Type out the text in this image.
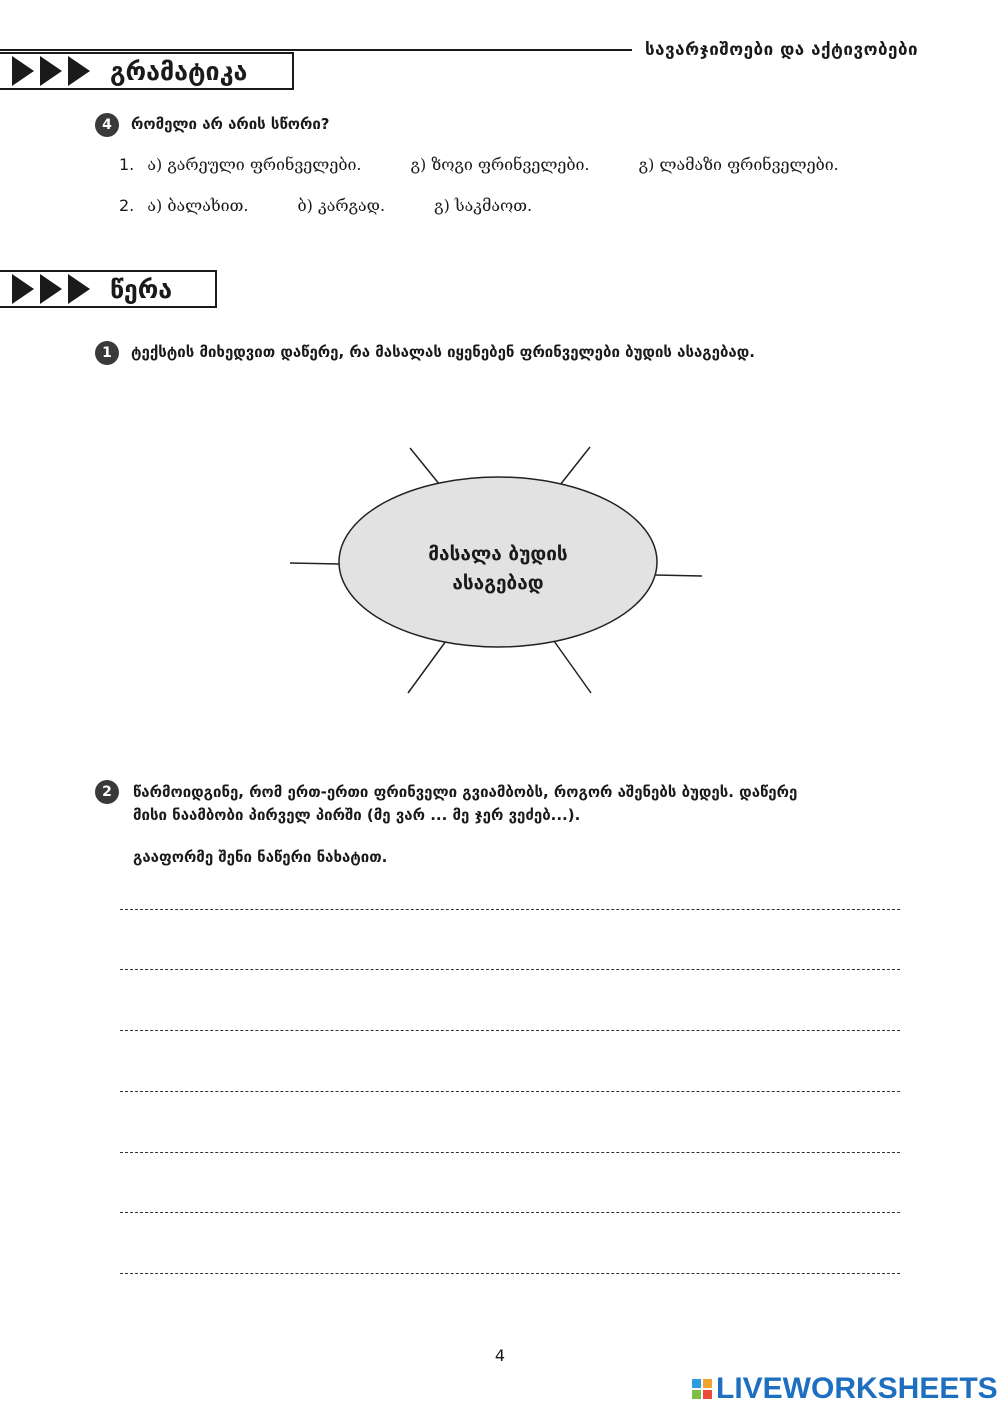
სავარჯიშოები და აქტივობები
გრამატიკა
4	რომელი არ არის სწორი?
1. ა) გარეული ფრინველები.	გ) ზოგი ფრინველები.	გ) ლამაზი ფრინველები.
2. ა) ბალახით.	ბ) კარგად.	გ) საკმაოთ.
წერა
1	ტექსტის მიხედვით დაწერე, რა მასალას იყენებენ ფრინველები ბუდის ასაგებად.
მასალა ბუდის
ასაგებად
2	წარმოიდგინე, რომ ერთ-ერთი ფრინველი გვიამბობს, როგორ აშენებს ბუდეს. დაწერე
მისი ნაამბობი პირველ პირში (მე ვარ ... მე ჯერ ვეძებ...).
გააფორმე შენი ნაწერი ნახატით.
4
LIVEWORKSHEETS
